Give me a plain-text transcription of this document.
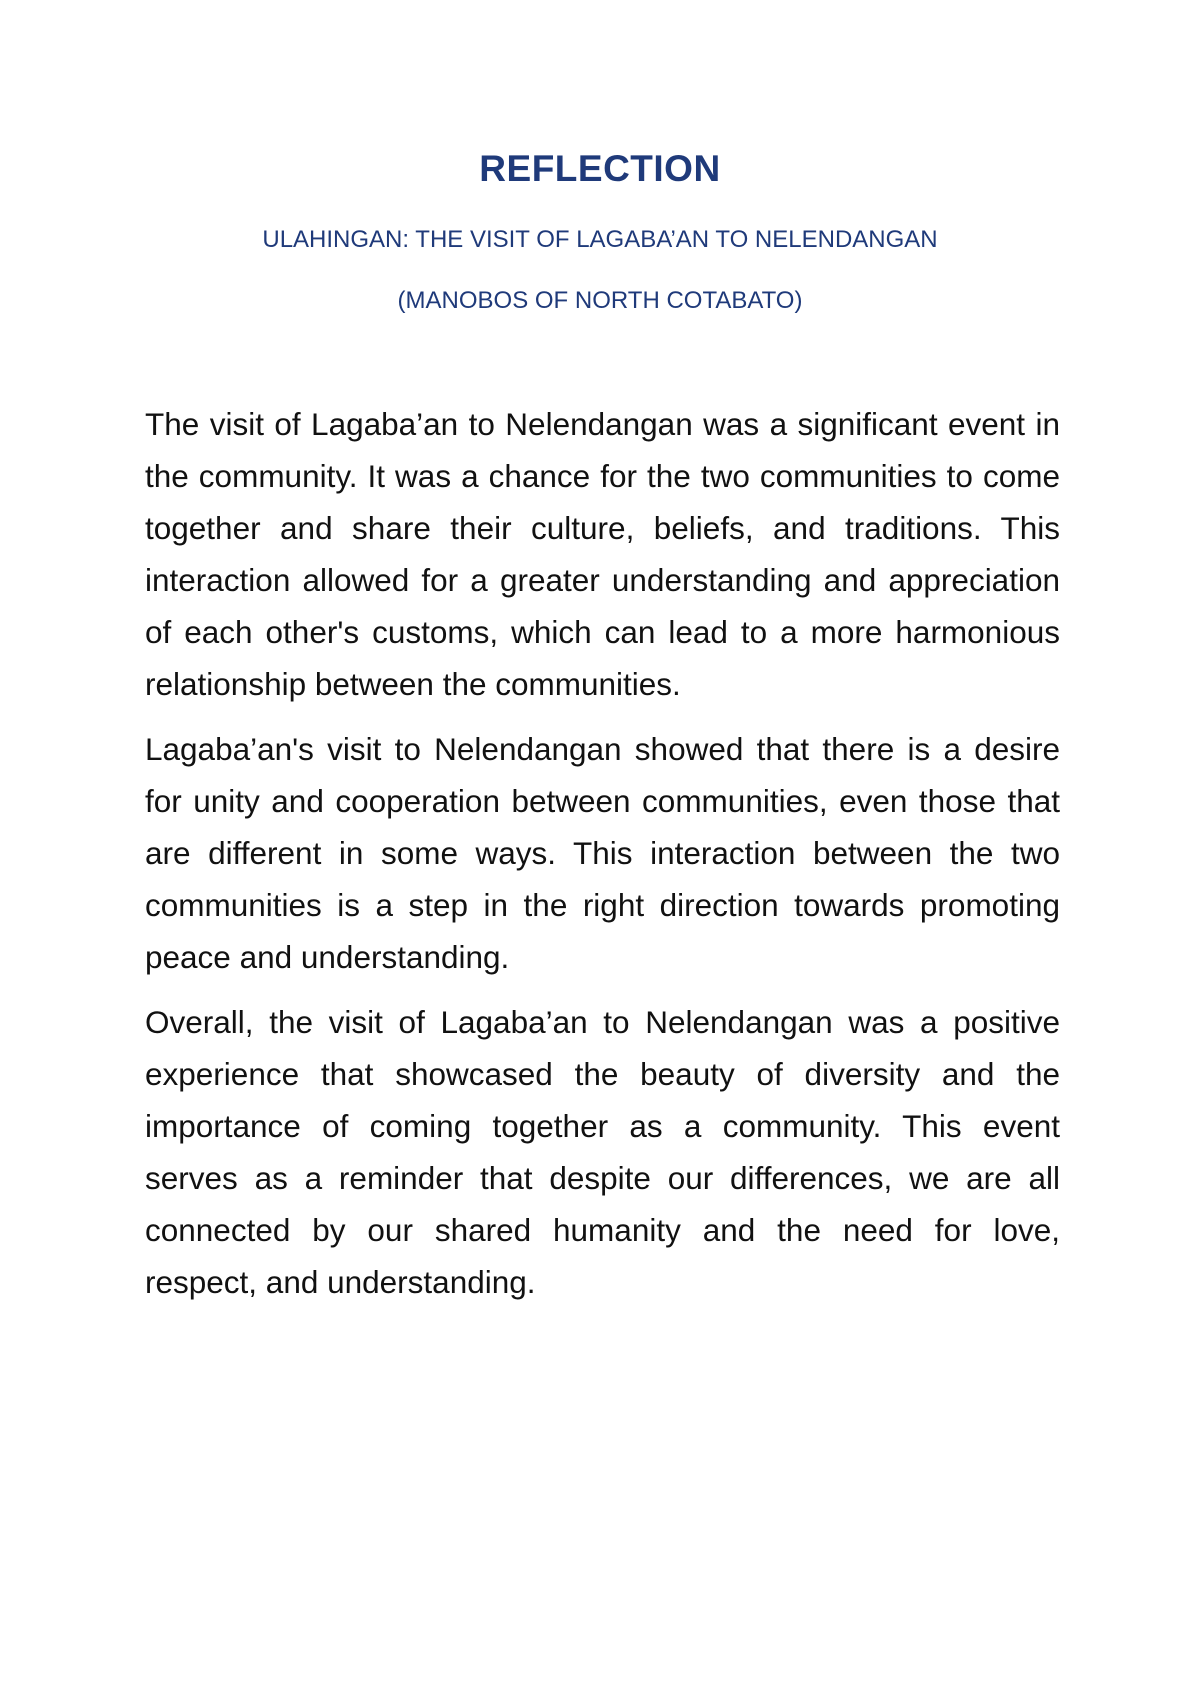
REFLECTION
ULAHINGAN: THE VISIT OF LAGABA’AN TO NELENDANGAN
(MANOBOS OF NORTH COTABATO)

The visit of Lagaba’an to Nelendangan was a significant event in the community. It was a chance for the two communities to come together and share their culture, beliefs, and traditions. This interaction allowed for a greater understanding and appreciation of each other's customs, which can lead to a more harmonious relationship between the communities.

Lagaba’an's visit to Nelendangan showed that there is a desire for unity and cooperation between communities, even those that are different in some ways. This interaction between the two communities is a step in the right direction towards promoting peace and understanding.

Overall, the visit of Lagaba’an to Nelendangan was a positive experience that showcased the beauty of diversity and the importance of coming together as a community. This event serves as a reminder that despite our differences, we are all connected by our shared humanity and the need for love, respect, and understanding.
